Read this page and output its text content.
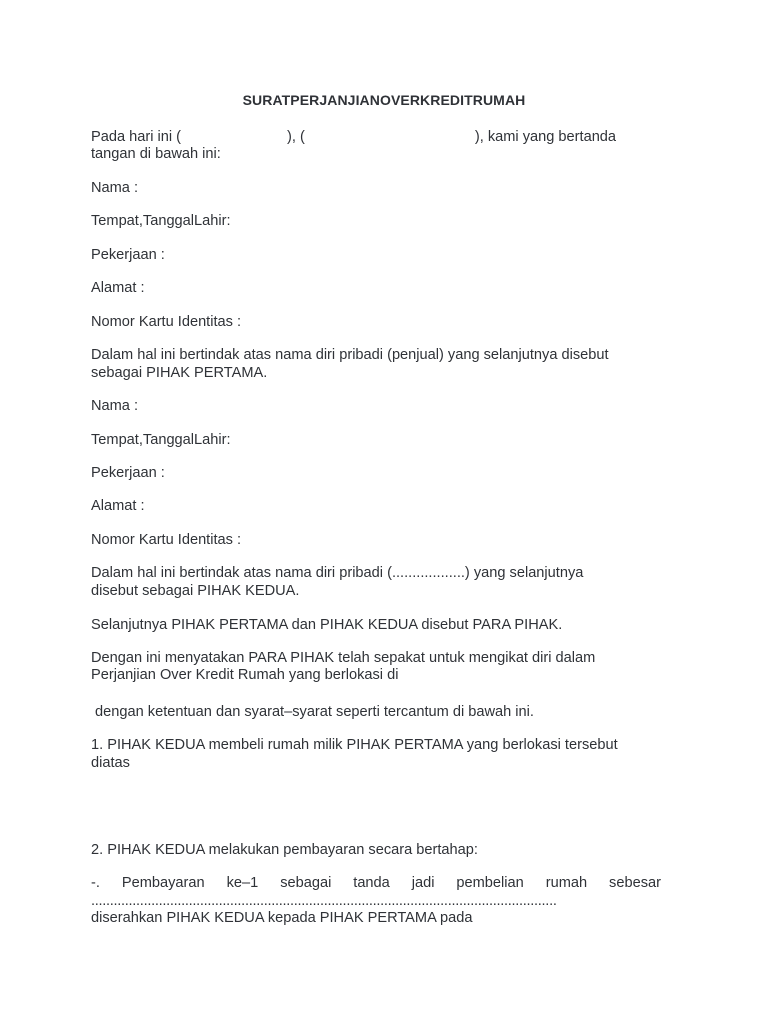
SURATPERJANJIANOVERKREDITRUMAH
Pada hari ini (	), (	), kami yang bertanda
tangan di bawah ini:
Nama :
Tempat,TanggalLahir:
Pekerjaan :
Alamat :
Nomor Kartu Identitas :
Dalam hal ini bertindak atas nama diri pribadi (penjual) yang selanjutnya disebut
sebagai PIHAK PERTAMA.
Nama :
Tempat,TanggalLahir:
Pekerjaan :
Alamat :
Nomor Kartu Identitas :
Dalam hal ini bertindak atas nama diri pribadi (..................) yang selanjutnya
disebut sebagai PIHAK KEDUA.
Selanjutnya PIHAK PERTAMA dan PIHAK KEDUA disebut PARA PIHAK.
Dengan ini menyatakan PARA PIHAK telah sepakat untuk mengikat diri dalam
Perjanjian Over Kredit Rumah yang berlokasi di
dengan ketentuan dan syarat–syarat seperti tercantum di bawah ini.
1. PIHAK KEDUA membeli rumah milik PIHAK PERTAMA yang berlokasi tersebut
diatas
2. PIHAK KEDUA melakukan pembayaran secara bertahap:
-. Pembayaran ke–1 sebagai tanda jadi pembelian rumah sebesar
............................................................................................................................
diserahkan PIHAK KEDUA kepada PIHAK PERTAMA pada
